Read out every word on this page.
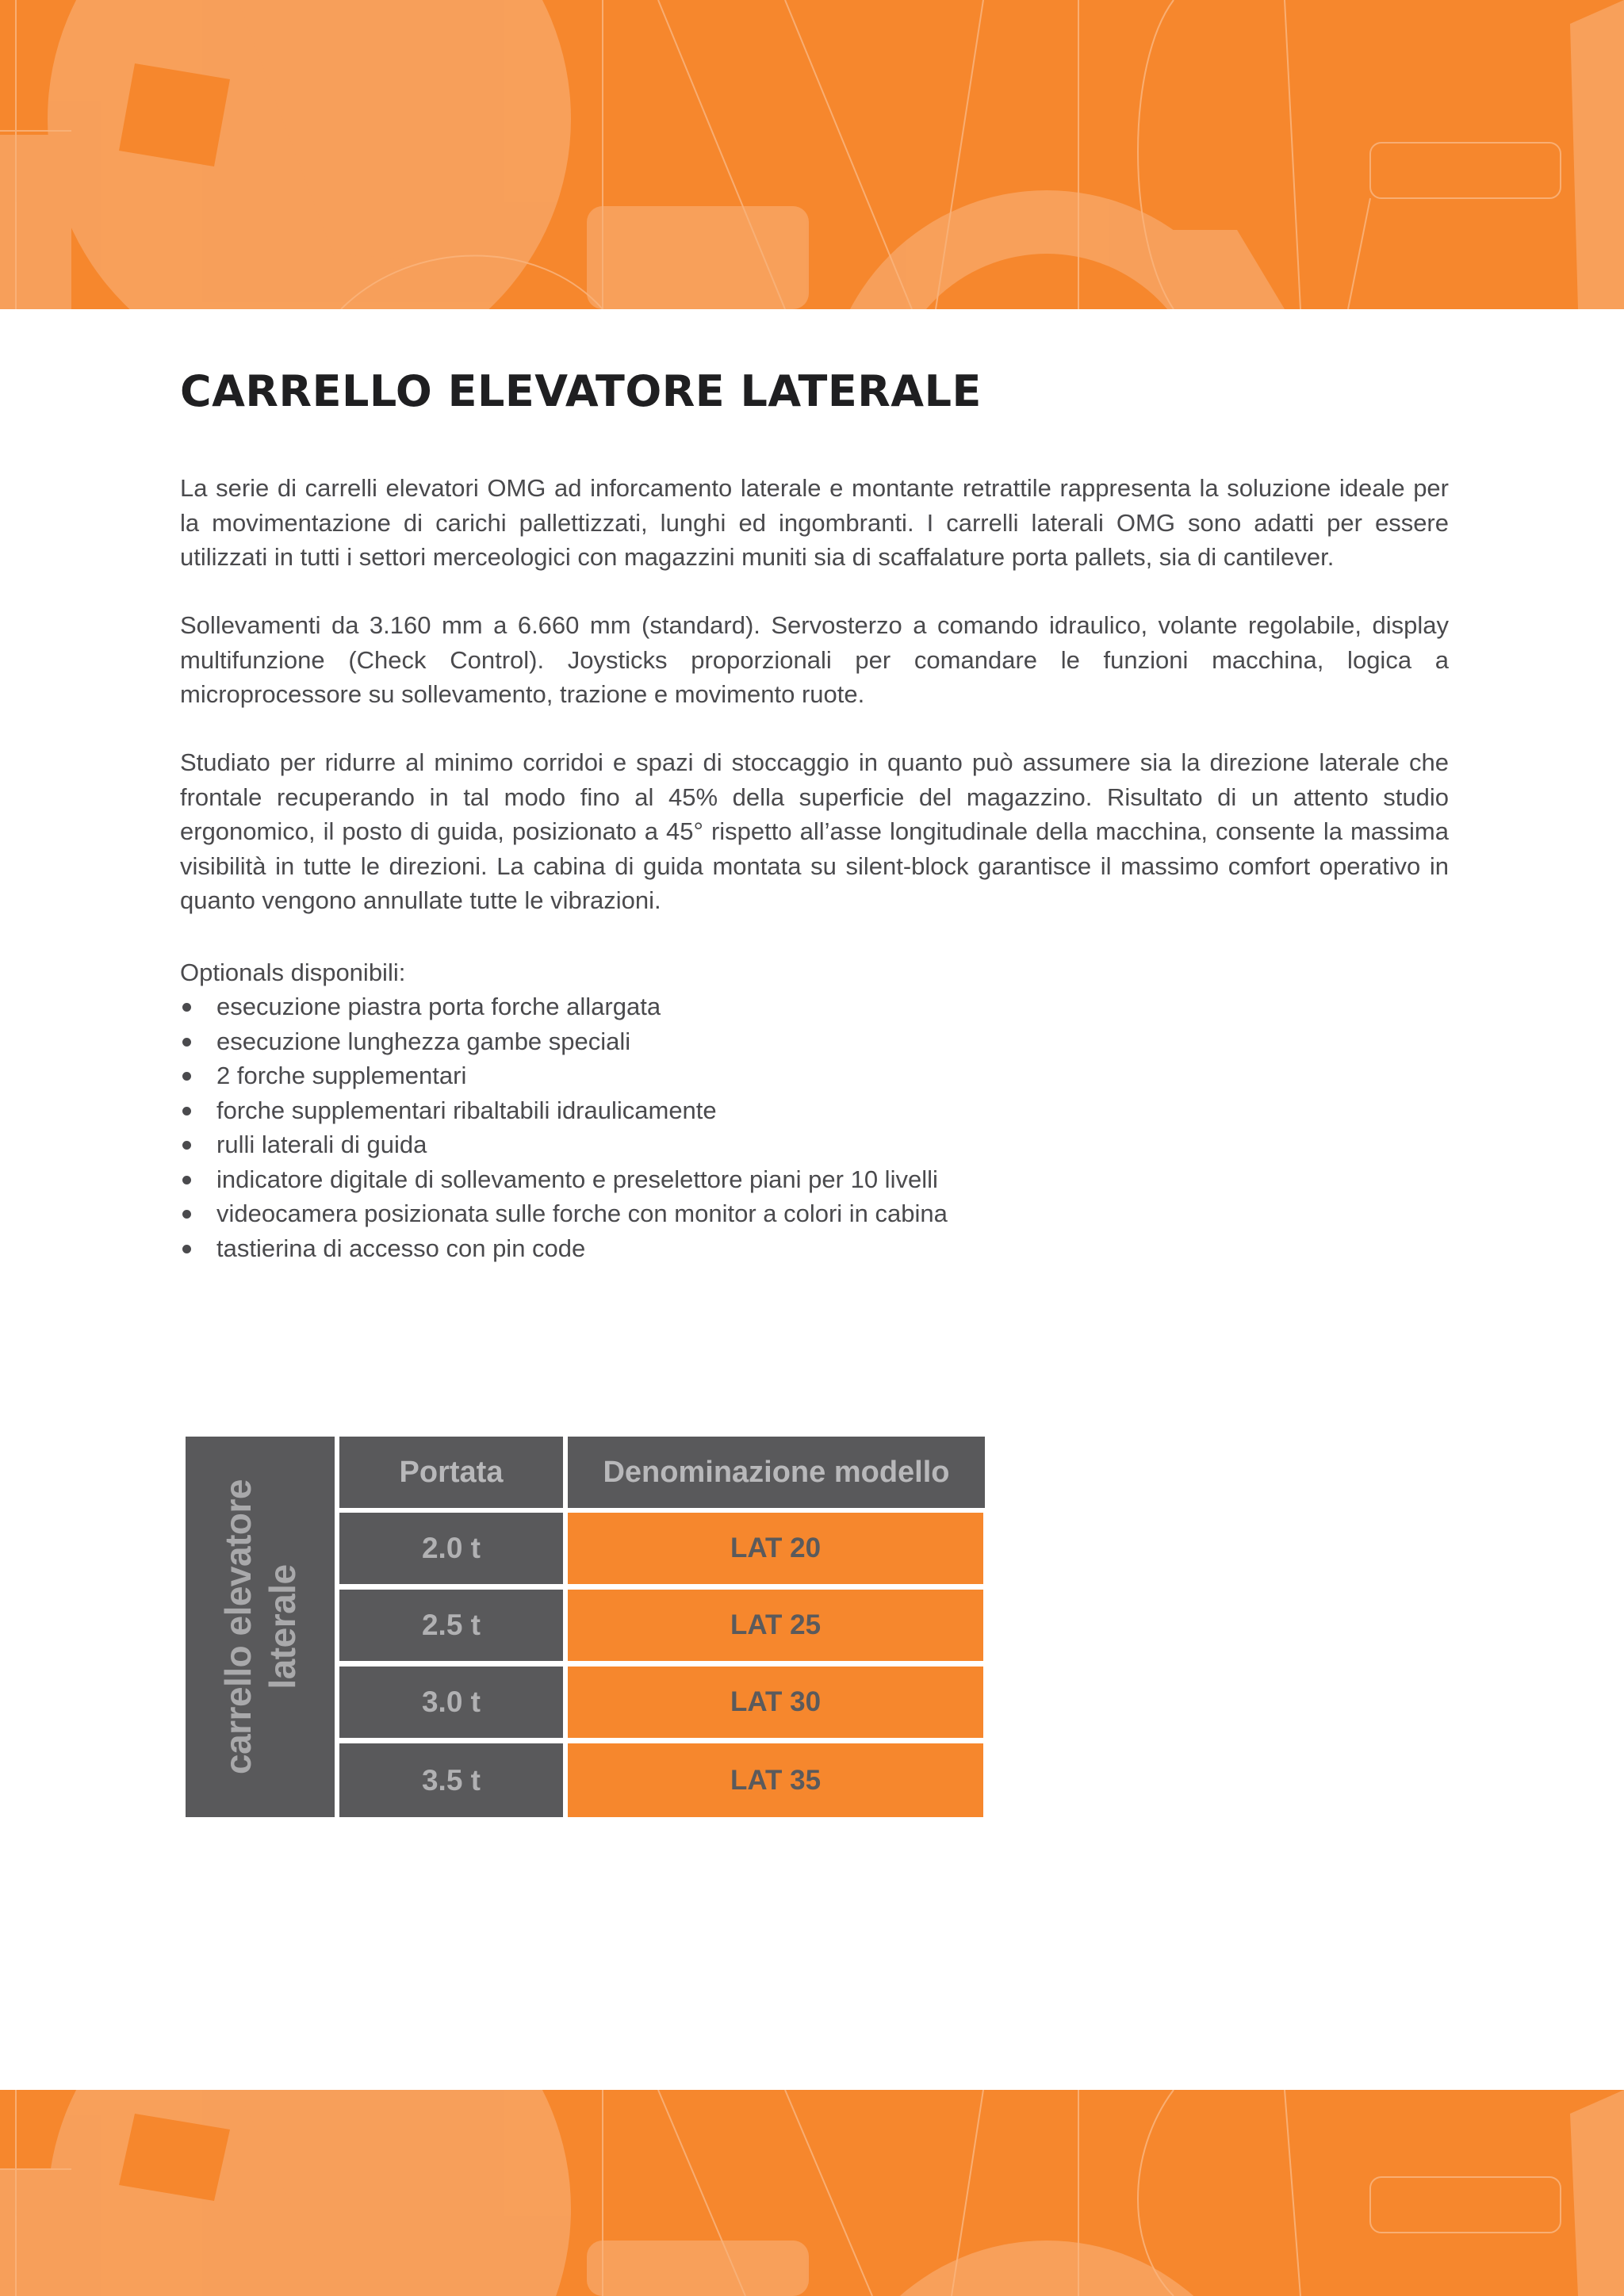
CARRELLO ELEVATORE LATERALE

La serie di carrelli elevatori OMG ad inforcamento laterale e montante retrattile rappresenta la soluzione ideale per la movimentazione di carichi pallettizzati, lunghi ed ingombranti. I carrelli laterali OMG sono adatti per essere utilizzati in tutti i settori merceologici con magazzini muniti sia di scaffalature porta pallets, sia di cantilever.

Sollevamenti da 3.160 mm a 6.660 mm (standard). Servosterzo a comando idraulico, volante regolabile, display multifunzione (Check Control). Joysticks proporzionali per comandare le funzioni macchina, logica a microprocessore su sollevamento, trazione e movimento ruote.

Studiato per ridurre al minimo corridoi e spazi di stoccaggio in quanto può assumere sia la direzione laterale che frontale recuperando in tal modo fino al 45% della superficie del magazzino. Risultato di un attento studio ergonomico, il posto di guida, posizionato a 45° rispetto all’asse longitudinale della macchina, consente la massima visibilità in tutte le direzioni. La cabina di guida montata su silent-block garantisce il massimo comfort operativo in quanto vengono annullate tutte le vibrazioni.

Optionals disponibili:

esecuzione piastra porta forche allargata
esecuzione lunghezza gambe speciali
2 forche supplementari
forche supplementari ribaltabili idraulicamente
rulli laterali di guida
indicatore digitale di sollevamento e preselettore piani per 10 livelli
videocamera posizionata sulle forche con monitor a colori in cabina
tastierina di accesso con pin code
carrello elevatore laterale
Portata	Denominazione modello
2.0 t	LAT 20
2.5 t	LAT 25
3.0 t	LAT 30
3.5 t	LAT 35
